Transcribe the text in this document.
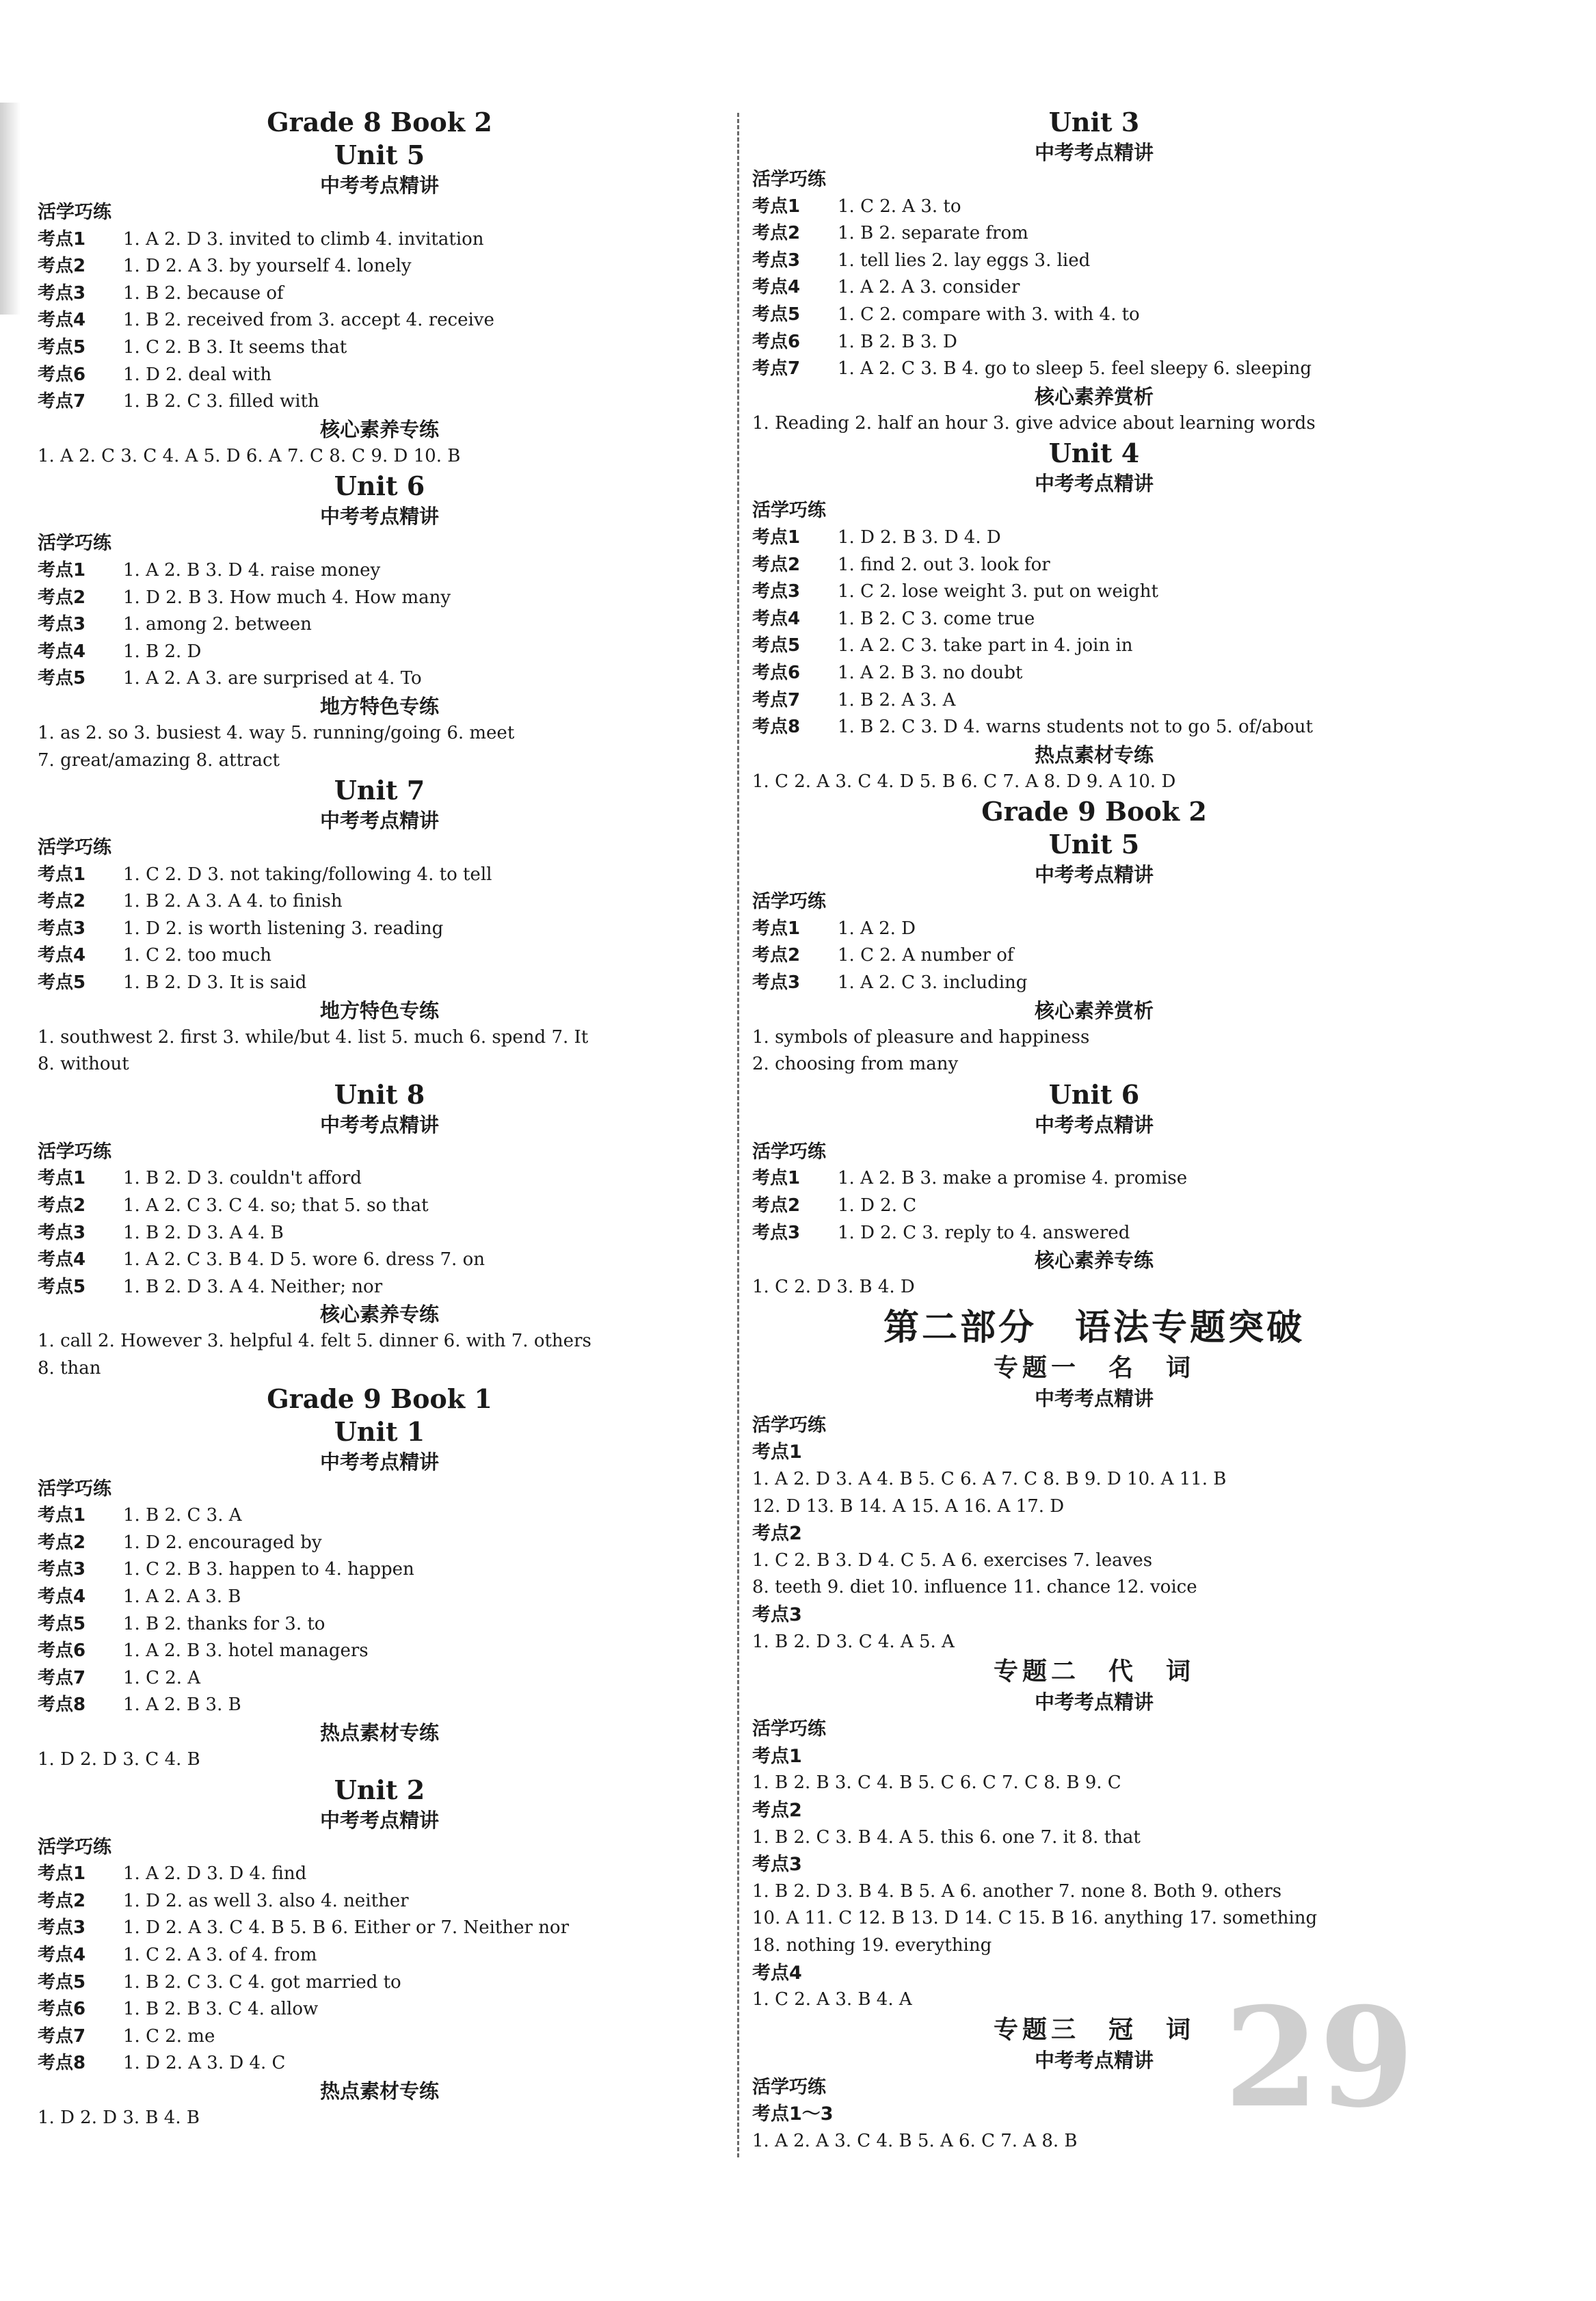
Grade 8 Book 2
Unit 5
中考考点精讲
活学巧练
考点1 1. A 2. D 3. invited to climb 4. invitation
考点2 1. D 2. A 3. by yourself 4. lonely
考点3 1. B 2. because of
考点4 1. B 2. received from 3. accept 4. receive
考点5 1. C 2. B 3. It seems that
考点6 1. D 2. deal with
考点7 1. B 2. C 3. filled with
核心素养专练
1. A 2. C 3. C 4. A 5. D 6. A 7. C 8. C 9. D 10. B
Unit 6
中考考点精讲
活学巧练
考点1 1. A 2. B 3. D 4. raise money
考点2 1. D 2. B 3. How much 4. How many
考点3 1. among 2. between
考点4 1. B 2. D
考点5 1. A 2. A 3. are surprised at 4. To
地方特色专练
1. as 2. so 3. busiest 4. way 5. running/going 6. meet
7. great/amazing 8. attract
Unit 7
中考考点精讲
活学巧练
考点1 1. C 2. D 3. not taking/following 4. to tell
考点2 1. B 2. A 3. A 4. to finish
考点3 1. D 2. is worth listening 3. reading
考点4 1. C 2. too much
考点5 1. B 2. D 3. It is said
地方特色专练
1. southwest 2. first 3. while/but 4. list 5. much 6. spend 7. It
8. without
Unit 8
中考考点精讲
活学巧练
考点1 1. B 2. D 3. couldn't afford
考点2 1. A 2. C 3. C 4. so; that 5. so that
考点3 1. B 2. D 3. A 4. B
考点4 1. A 2. C 3. B 4. D 5. wore 6. dress 7. on
考点5 1. B 2. D 3. A 4. Neither; nor
核心素养专练
1. call 2. However 3. helpful 4. felt 5. dinner 6. with 7. others
8. than
Grade 9 Book 1
Unit 1
中考考点精讲
活学巧练
考点1 1. B 2. C 3. A
考点2 1. D 2. encouraged by
考点3 1. C 2. B 3. happen to 4. happen
考点4 1. A 2. A 3. B
考点5 1. B 2. thanks for 3. to
考点6 1. A 2. B 3. hotel managers
考点7 1. C 2. A
考点8 1. A 2. B 3. B
热点素材专练
1. D 2. D 3. C 4. B
Unit 2
中考考点精讲
活学巧练
考点1 1. A 2. D 3. D 4. find
考点2 1. D 2. as well 3. also 4. neither
考点3 1. D 2. A 3. C 4. B 5. B 6. Either or 7. Neither nor
考点4 1. C 2. A 3. of 4. from
考点5 1. B 2. C 3. C 4. got married to
考点6 1. B 2. B 3. C 4. allow
考点7 1. C 2. me
考点8 1. D 2. A 3. D 4. C
热点素材专练
1. D 2. D 3. B 4. B
Unit 3
中考考点精讲
活学巧练
考点1 1. C 2. A 3. to
考点2 1. B 2. separate from
考点3 1. tell lies 2. lay eggs 3. lied
考点4 1. A 2. A 3. consider
考点5 1. C 2. compare with 3. with 4. to
考点6 1. B 2. B 3. D
考点7 1. A 2. C 3. B 4. go to sleep 5. feel sleepy 6. sleeping
核心素养赏析
1. Reading 2. half an hour 3. give advice about learning words
Unit 4
中考考点精讲
活学巧练
考点1 1. D 2. B 3. D 4. D
考点2 1. find 2. out 3. look for
考点3 1. C 2. lose weight 3. put on weight
考点4 1. B 2. C 3. come true
考点5 1. A 2. C 3. take part in 4. join in
考点6 1. A 2. B 3. no doubt
考点7 1. B 2. A 3. A
考点8 1. B 2. C 3. D 4. warns students not to go 5. of/about
热点素材专练
1. C 2. A 3. C 4. D 5. B 6. C 7. A 8. D 9. A 10. D
Grade 9 Book 2
Unit 5
中考考点精讲
活学巧练
考点1 1. A 2. D
考点2 1. C 2. A number of
考点3 1. A 2. C 3. including
核心素养赏析
1. symbols of pleasure and happiness
2. choosing from many
Unit 6
中考考点精讲
活学巧练
考点1 1. A 2. B 3. make a promise 4. promise
考点2 1. D 2. C
考点3 1. D 2. C 3. reply to 4. answered
核心素养专练
1. C 2. D 3. B 4. D
第二部分　语法专题突破
专题一　名　词
中考考点精讲
活学巧练
考点1
1. A 2. D 3. A 4. B 5. C 6. A 7. C 8. B 9. D 10. A 11. B
12. D 13. B 14. A 15. A 16. A 17. D
考点2
1. C 2. B 3. D 4. C 5. A 6. exercises 7. leaves
8. teeth 9. diet 10. influence 11. chance 12. voice
考点3
1. B 2. D 3. C 4. A 5. A
专题二　代　词
中考考点精讲
活学巧练
考点1
1. B 2. B 3. C 4. B 5. C 6. C 7. C 8. B 9. C
考点2
1. B 2. C 3. B 4. A 5. this 6. one 7. it 8. that
考点3
1. B 2. D 3. B 4. B 5. A 6. another 7. none 8. Both 9. others
10. A 11. C 12. B 13. D 14. C 15. B 16. anything 17. something
18. nothing 19. everything
考点4
1. C 2. A 3. B 4. A
专题三　冠　词
中考考点精讲
活学巧练
考点1～3
1. A 2. A 3. C 4. B 5. A 6. C 7. A 8. B
29
